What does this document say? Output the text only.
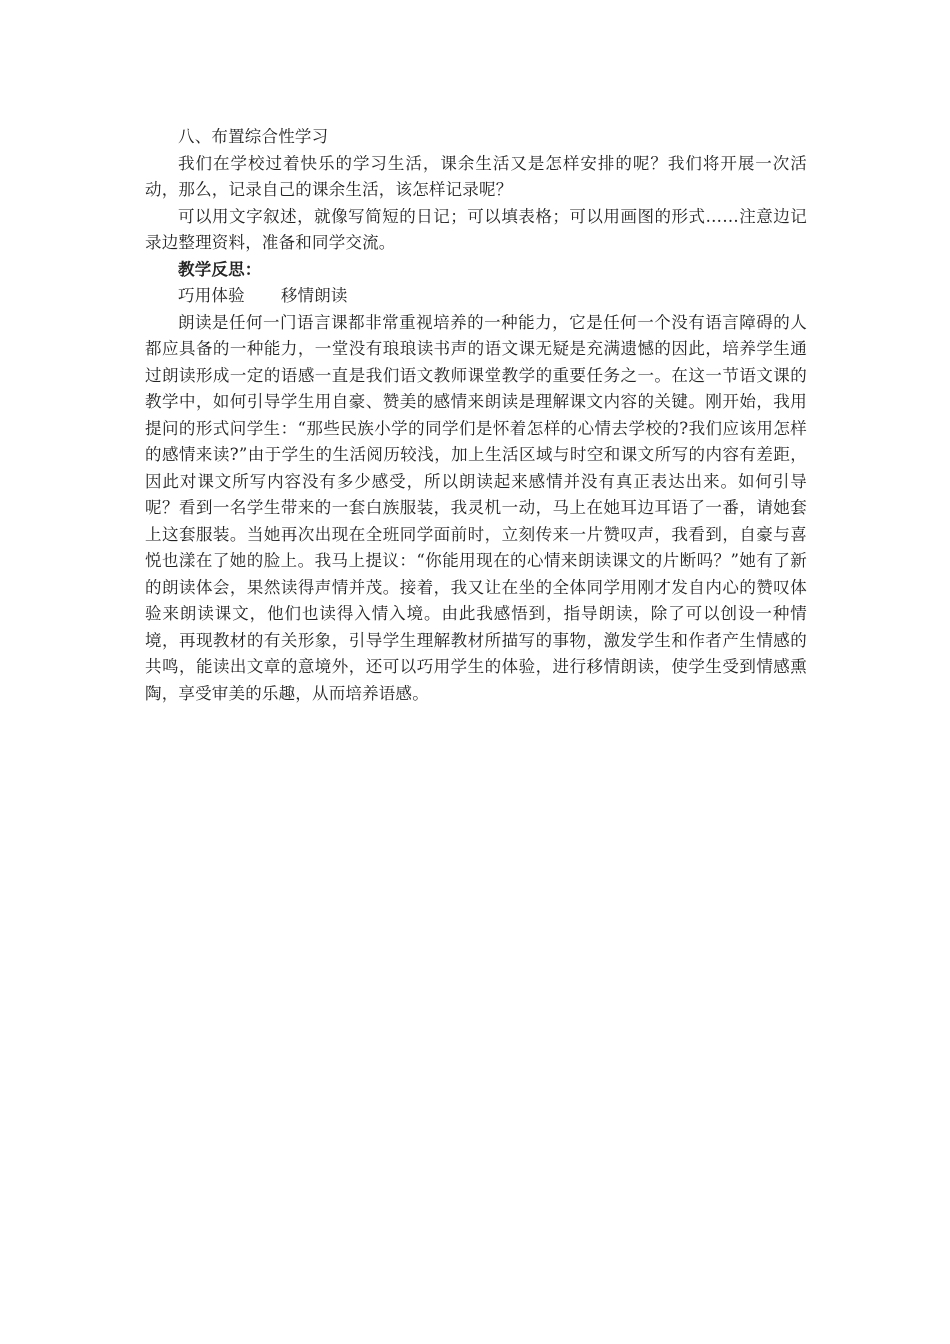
八、布置综合性学习

我们在学校过着快乐的学习生活，课余生活又是怎样安排的呢？我们将开展一次活动，那么，记录自己的课余生活，该怎样记录呢？

可以用文字叙述，就像写简短的日记；可以填表格；可以用画图的形式……注意边记录边整理资料，准备和同学交流。

教学反思：

巧用体验 移情朗读

朗读是任何一门语言课都非常重视培养的一种能力，它是任何一个没有语言障碍的人都应具备的一种能力，一堂没有琅琅读书声的语文课无疑是充满遗憾的因此，培养学生通过朗读形成一定的语感一直是我们语文教师课堂教学的重要任务之一。在这一节语文课的教学中，如何引导学生用自豪、赞美的感情来朗读是理解课文内容的关键。刚开始，我用提问的形式问学生：“那些民族小学的同学们是怀着怎样的心情去学校的?我们应该用怎样的感情来读?”由于学生的生活阅历较浅，加上生活区域与时空和课文所写的内容有差距，因此对课文所写内容没有多少感受，所以朗读起来感情并没有真正表达出来。如何引导呢？看到一名学生带来的一套白族服装，我灵机一动，马上在她耳边耳语了一番，请她套上这套服装。当她再次出现在全班同学面前时，立刻传来一片赞叹声，我看到，自豪与喜悦也漾在了她的脸上。我马上提议：“你能用现在的心情来朗读课文的片断吗？”她有了新的朗读体会，果然读得声情并茂。接着，我又让在坐的全体同学用刚才发自内心的赞叹体验来朗读课文，他们也读得入情入境。由此我感悟到，指导朗读，除了可以创设一种情境，再现教材的有关形象，引导学生理解教材所描写的事物，激发学生和作者产生情感的共鸣，能读出文章的意境外，还可以巧用学生的体验，进行移情朗读，使学生受到情感熏陶，享受审美的乐趣，从而培养语感。
